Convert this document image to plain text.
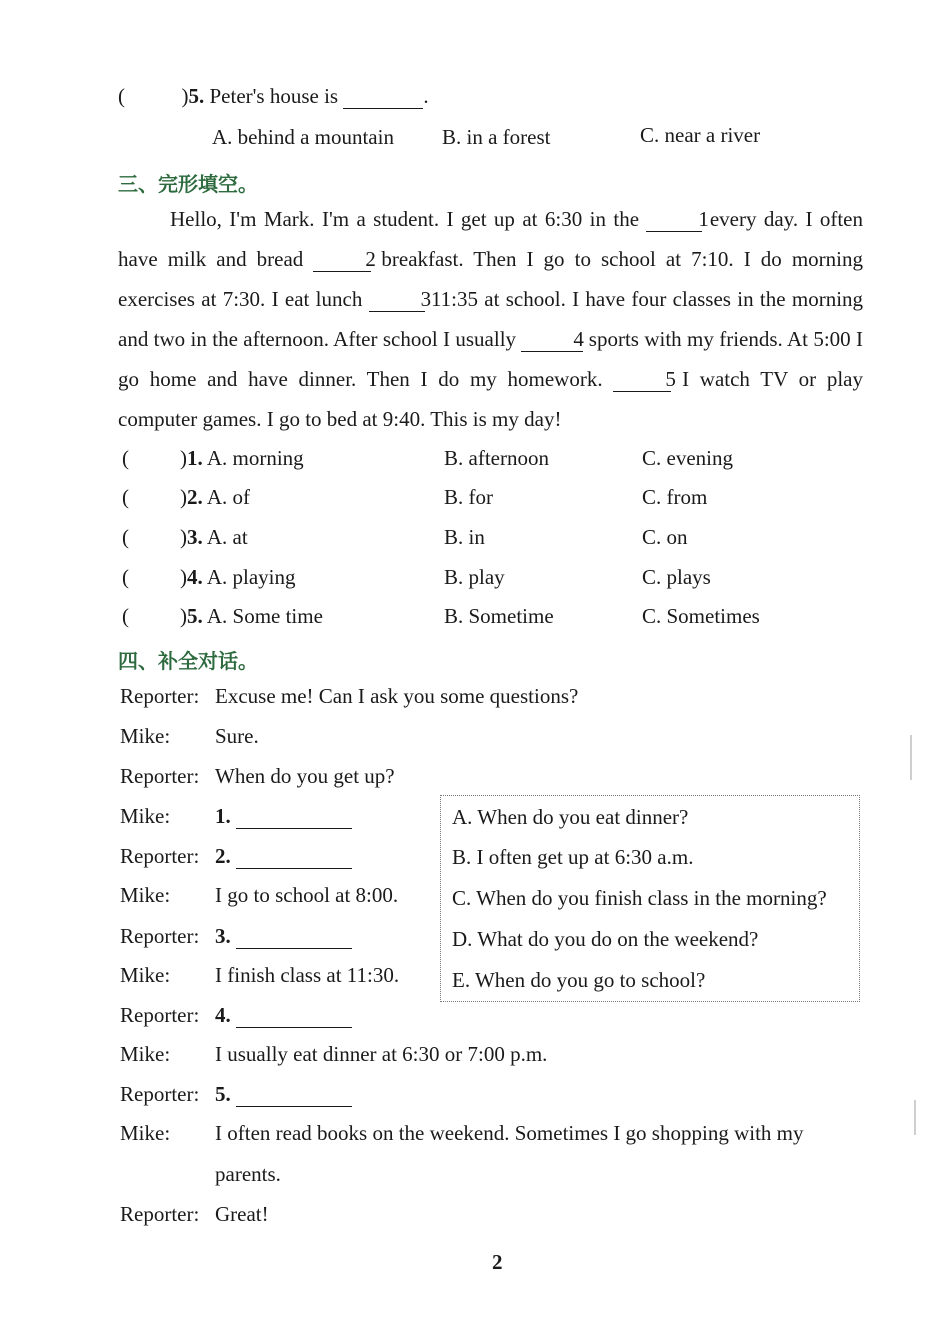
(	)5. Peter's house is	.
A. behind a mountain B. in a forest	C. near a river
三、完形填空。

Hello, I'm Mark. I'm a student. I get up at 6:30 in the	1 every day. I often have milk and bread	2 breakfast. Then I go to school at 7:10. I do morning exercises at 7:30. I eat lunch	3 11:35 at school. I have four classes in the morning and two in the afternoon. After school I usually	4 sports with my friends. At 5:00 I go home and have dinner. Then I do my homework.	5 I watch TV or play computer games. I go to bed at 9:40. This is my day!

( )1. A. morning	B. afternoon	C. evening
( )2. A. of	B. for	C. from
( )3. A. at	B. in	C. on
( )4. A. playing	B. play	C. plays
( )5. A. Some time	B. Sometime	C. Sometimes
四、补全对话。
Reporter: Excuse me! Can I ask you some questions?
Mike: Sure.
Reporter: When do you get up?
Mike: 1.
Reporter: 2.
Mike: I go to school at 8:00.
Reporter: 3.
Mike: I finish class at 11:30.
Reporter: 4.
Mike: I usually eat dinner at 6:30 or 7:00 p.m.
Reporter: 5.
Mike: I often read books on the weekend. Sometimes I go shopping with my
parents.
Reporter: Great!
A. When do you eat dinner?
B. I often get up at 6:30 a.m.
C. When do you finish class in the morning?
D. What do you do on the weekend?
E. When do you go to school?
2
